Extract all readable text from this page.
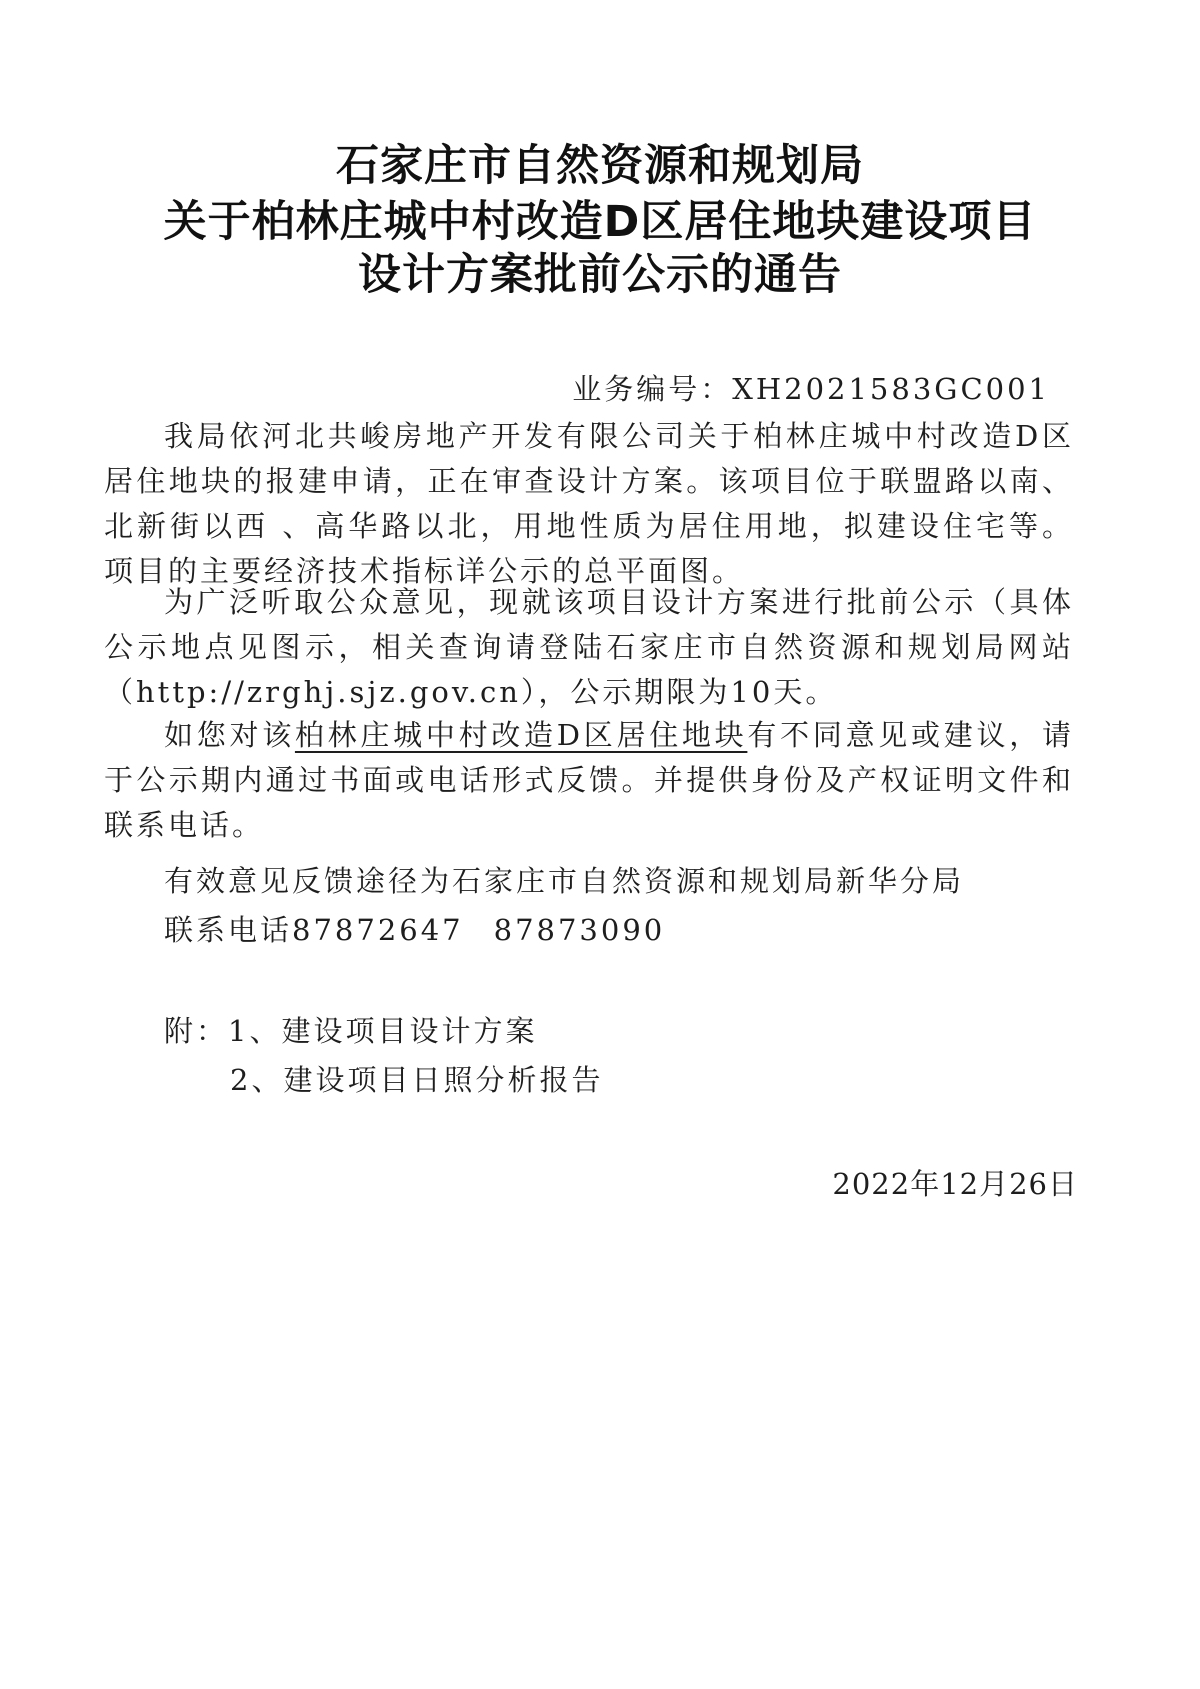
石家庄市自然资源和规划局
关于柏林庄城中村改造D区居住地块建设项目
设计方案批前公示的通告
业务编号：XH2021583GC001

我局依河北共峻房地产开发有限公司关于柏林庄城中村改造D区居住地块的报建申请，正在审查设计方案。该项目位于联盟路以南、北新街以西 、高华路以北，用地性质为居住用地，拟建设住宅等。项目的主要经济技术指标详公示的总平面图。

为广泛听取公众意见，现就该项目设计方案进行批前公示（具体公示地点见图示，相关查询请登陆石家庄市自然资源和规划局网站（http://zrghj.sjz.gov.cn），公示期限为10天。

如您对该柏林庄城中村改造D区居住地块有不同意见或建议，请于公示期内通过书面或电话形式反馈。并提供身份及产权证明文件和联系电话。

有效意见反馈途径为石家庄市自然资源和规划局新华分局
联系电话87872647 87873090
附：1、建设项目设计方案
2、建设项目日照分析报告
2022年12月26日
